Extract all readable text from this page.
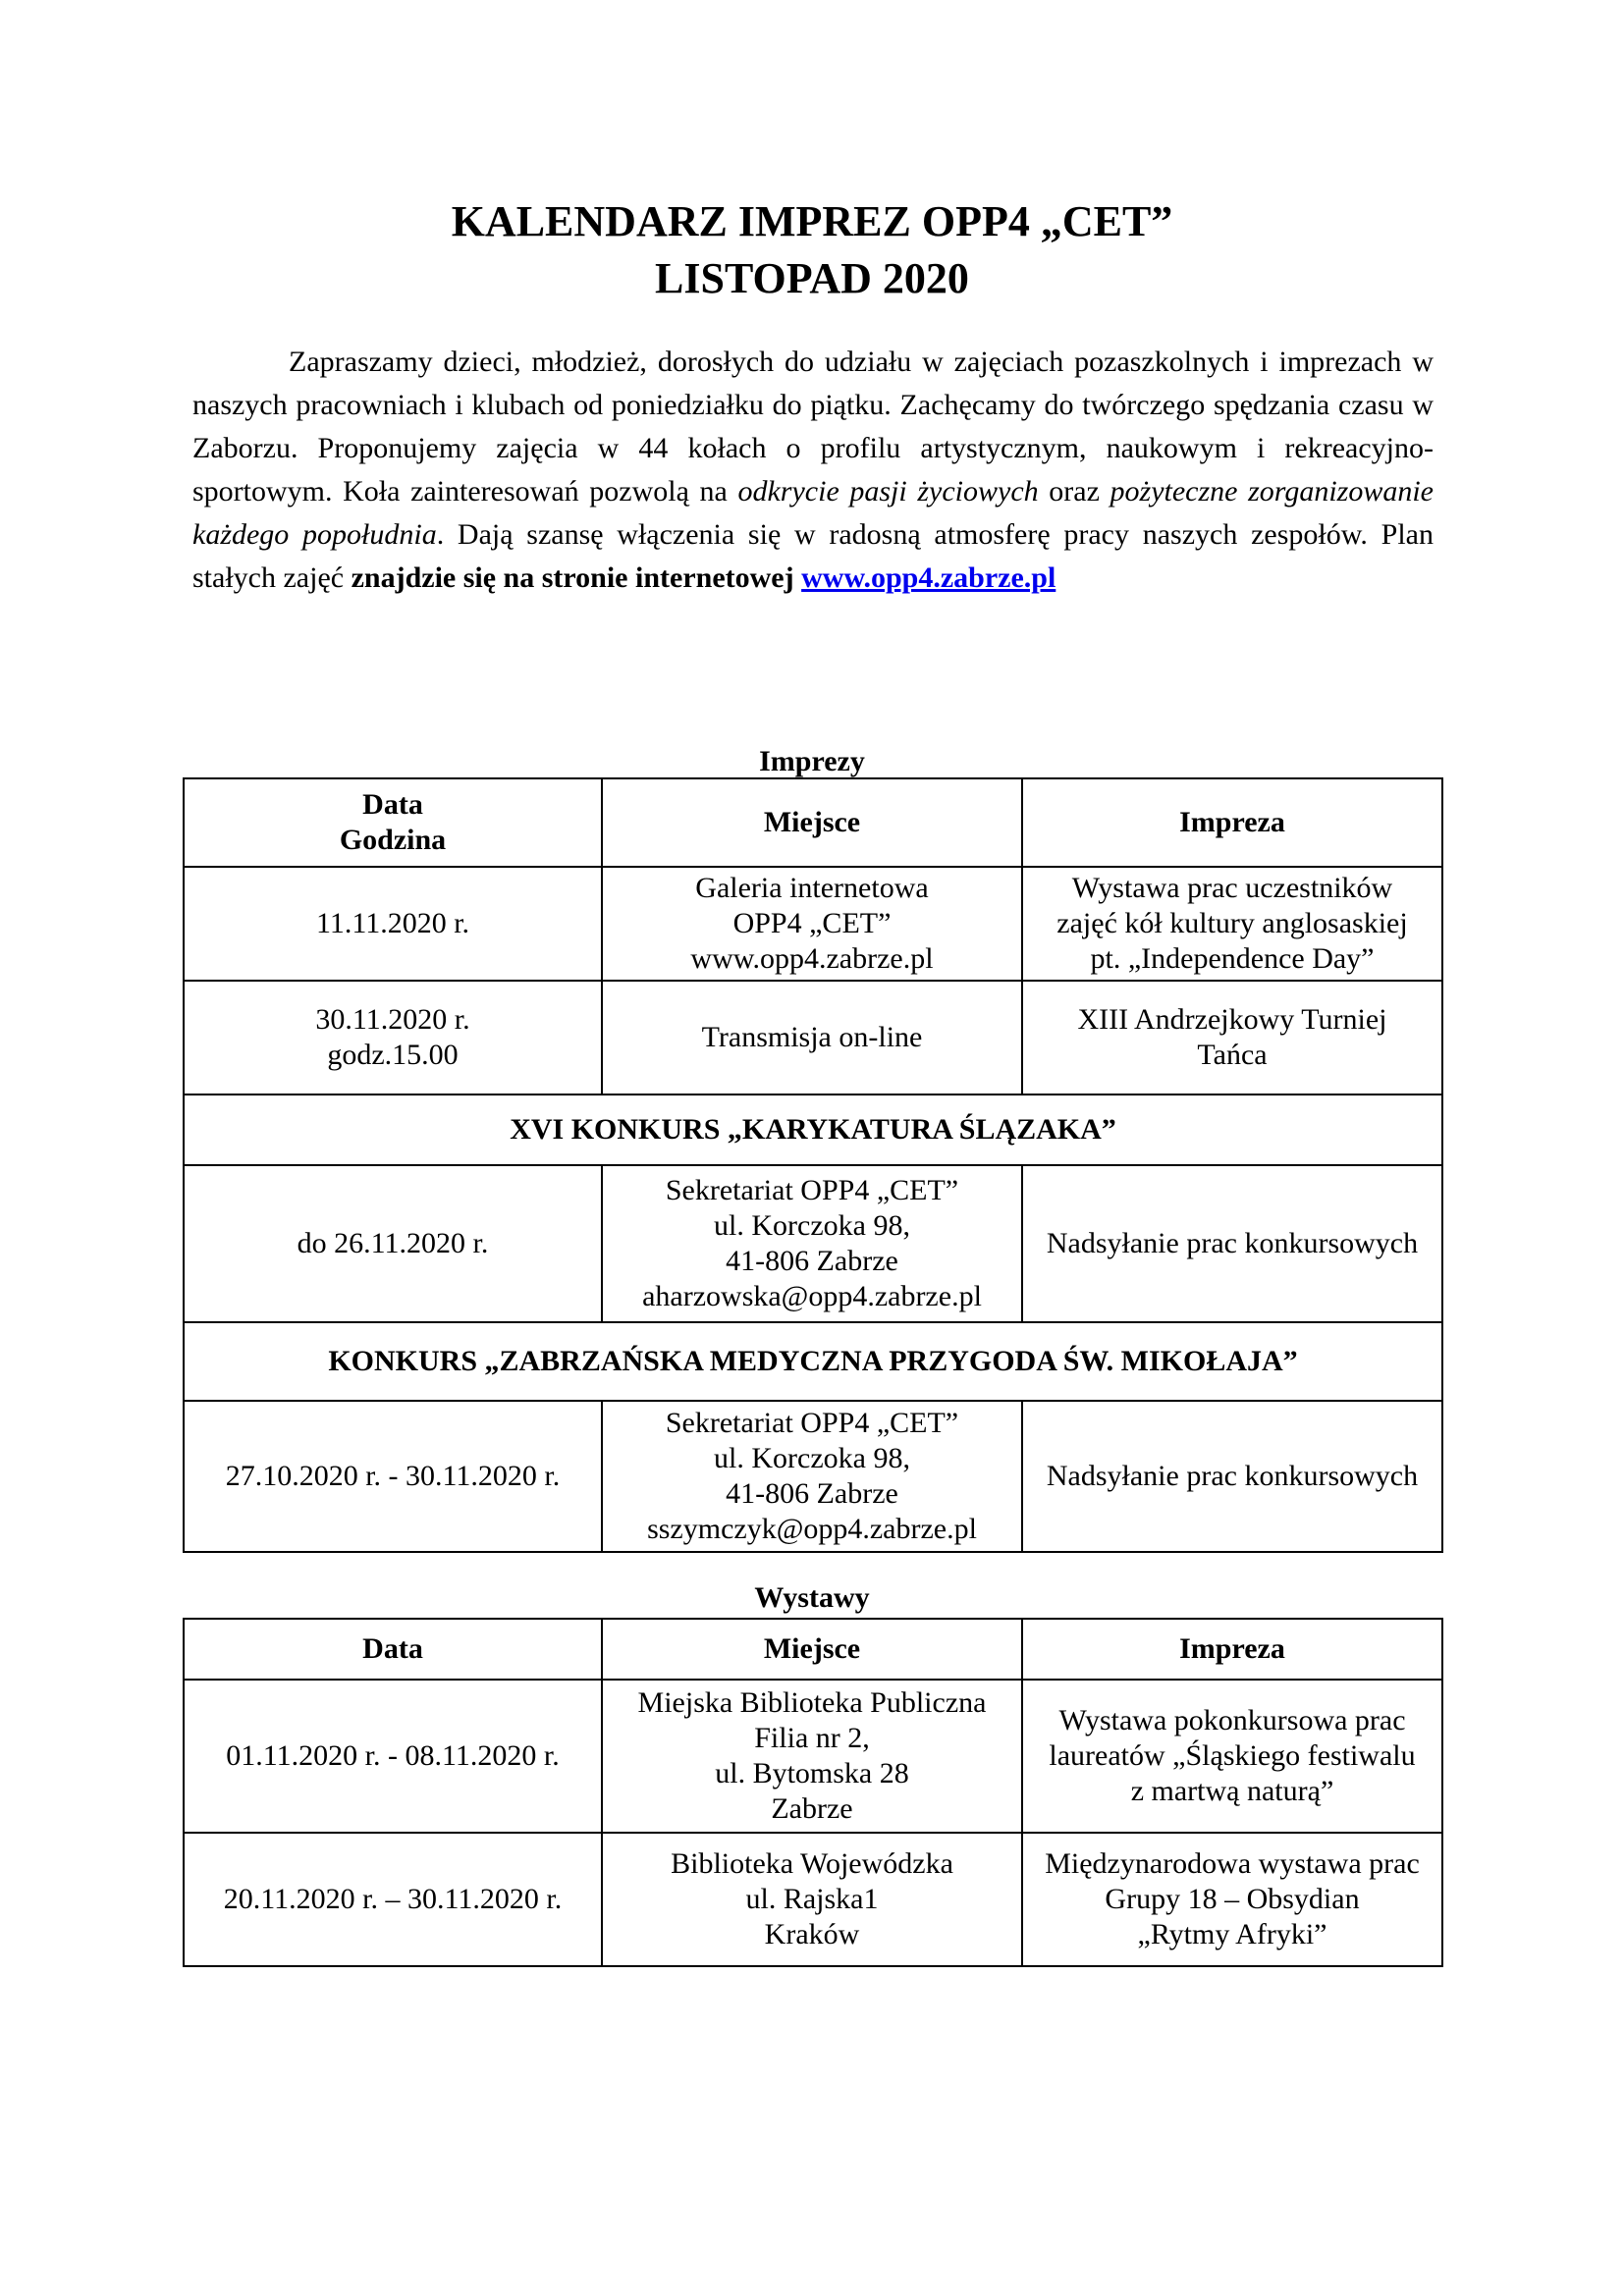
KALENDARZ IMPREZ OPP4 „CET”
LISTOPAD 2020

Zapraszamy dzieci, młodzież, dorosłych do udziału w zajęciach pozaszkolnych i imprezach w naszych pracowniach i klubach od poniedziałku do piątku. Zachęcamy do twórczego spędzania czasu w Zaborzu. Proponujemy zajęcia w 44 kołach o profilu artystycznym, naukowym i rekreacyjno-sportowym. Koła zainteresowań pozwolą na odkrycie pasji życiowych oraz pożyteczne zorganizowanie każdego popołudnia. Dają szansę włączenia się w radosną atmosferę pracy naszych zespołów. Plan stałych zajęć znajdzie się na stronie internetowej www.opp4.zabrze.pl

Imprezy
Data
Godzina	Miejsce	Impreza

11.11.2020 r.	Galeria internetowa
OPP4 „CET”
www.opp4.zabrze.pl	Wystawa prac uczestników
zajęć kół kultury anglosaskiej
pt. „Independence Day”

30.11.2020 r.
godz.15.00	Transmisja on-line	XIII Andrzejkowy Turniej
Tańca

XVI KONKURS „KARYKATURA ŚLĄZAKA”		

do 26.11.2020 r.	Sekretariat OPP4 „CET”
ul. Korczoka 98,
41-806 Zabrze
aharzowska@opp4.zabrze.pl	Nadsyłanie prac konkursowych

KONKURS „ZABRZAŃSKA MEDYCZNA PRZYGODA ŚW. MIKOŁAJA”		

27.10.2020 r. - 30.11.2020 r.	Sekretariat OPP4 „CET”
ul. Korczoka 98,
41-806 Zabrze
sszymczyk@opp4.zabrze.pl	Nadsyłanie prac konkursowych
Wystawy
Data	Miejsce	Impreza

01.11.2020 r. - 08.11.2020 r.	Miejska Biblioteka Publiczna
Filia nr 2,
ul. Bytomska 28
Zabrze	Wystawa pokonkursowa prac
laureatów „Śląskiego festiwalu
z martwą naturą”

20.11.2020 r. – 30.11.2020 r.	Biblioteka Wojewódzka
ul. Rajska1
Kraków	Międzynarodowa wystawa prac
Grupy 18 – Obsydian
„Rytmy Afryki”
